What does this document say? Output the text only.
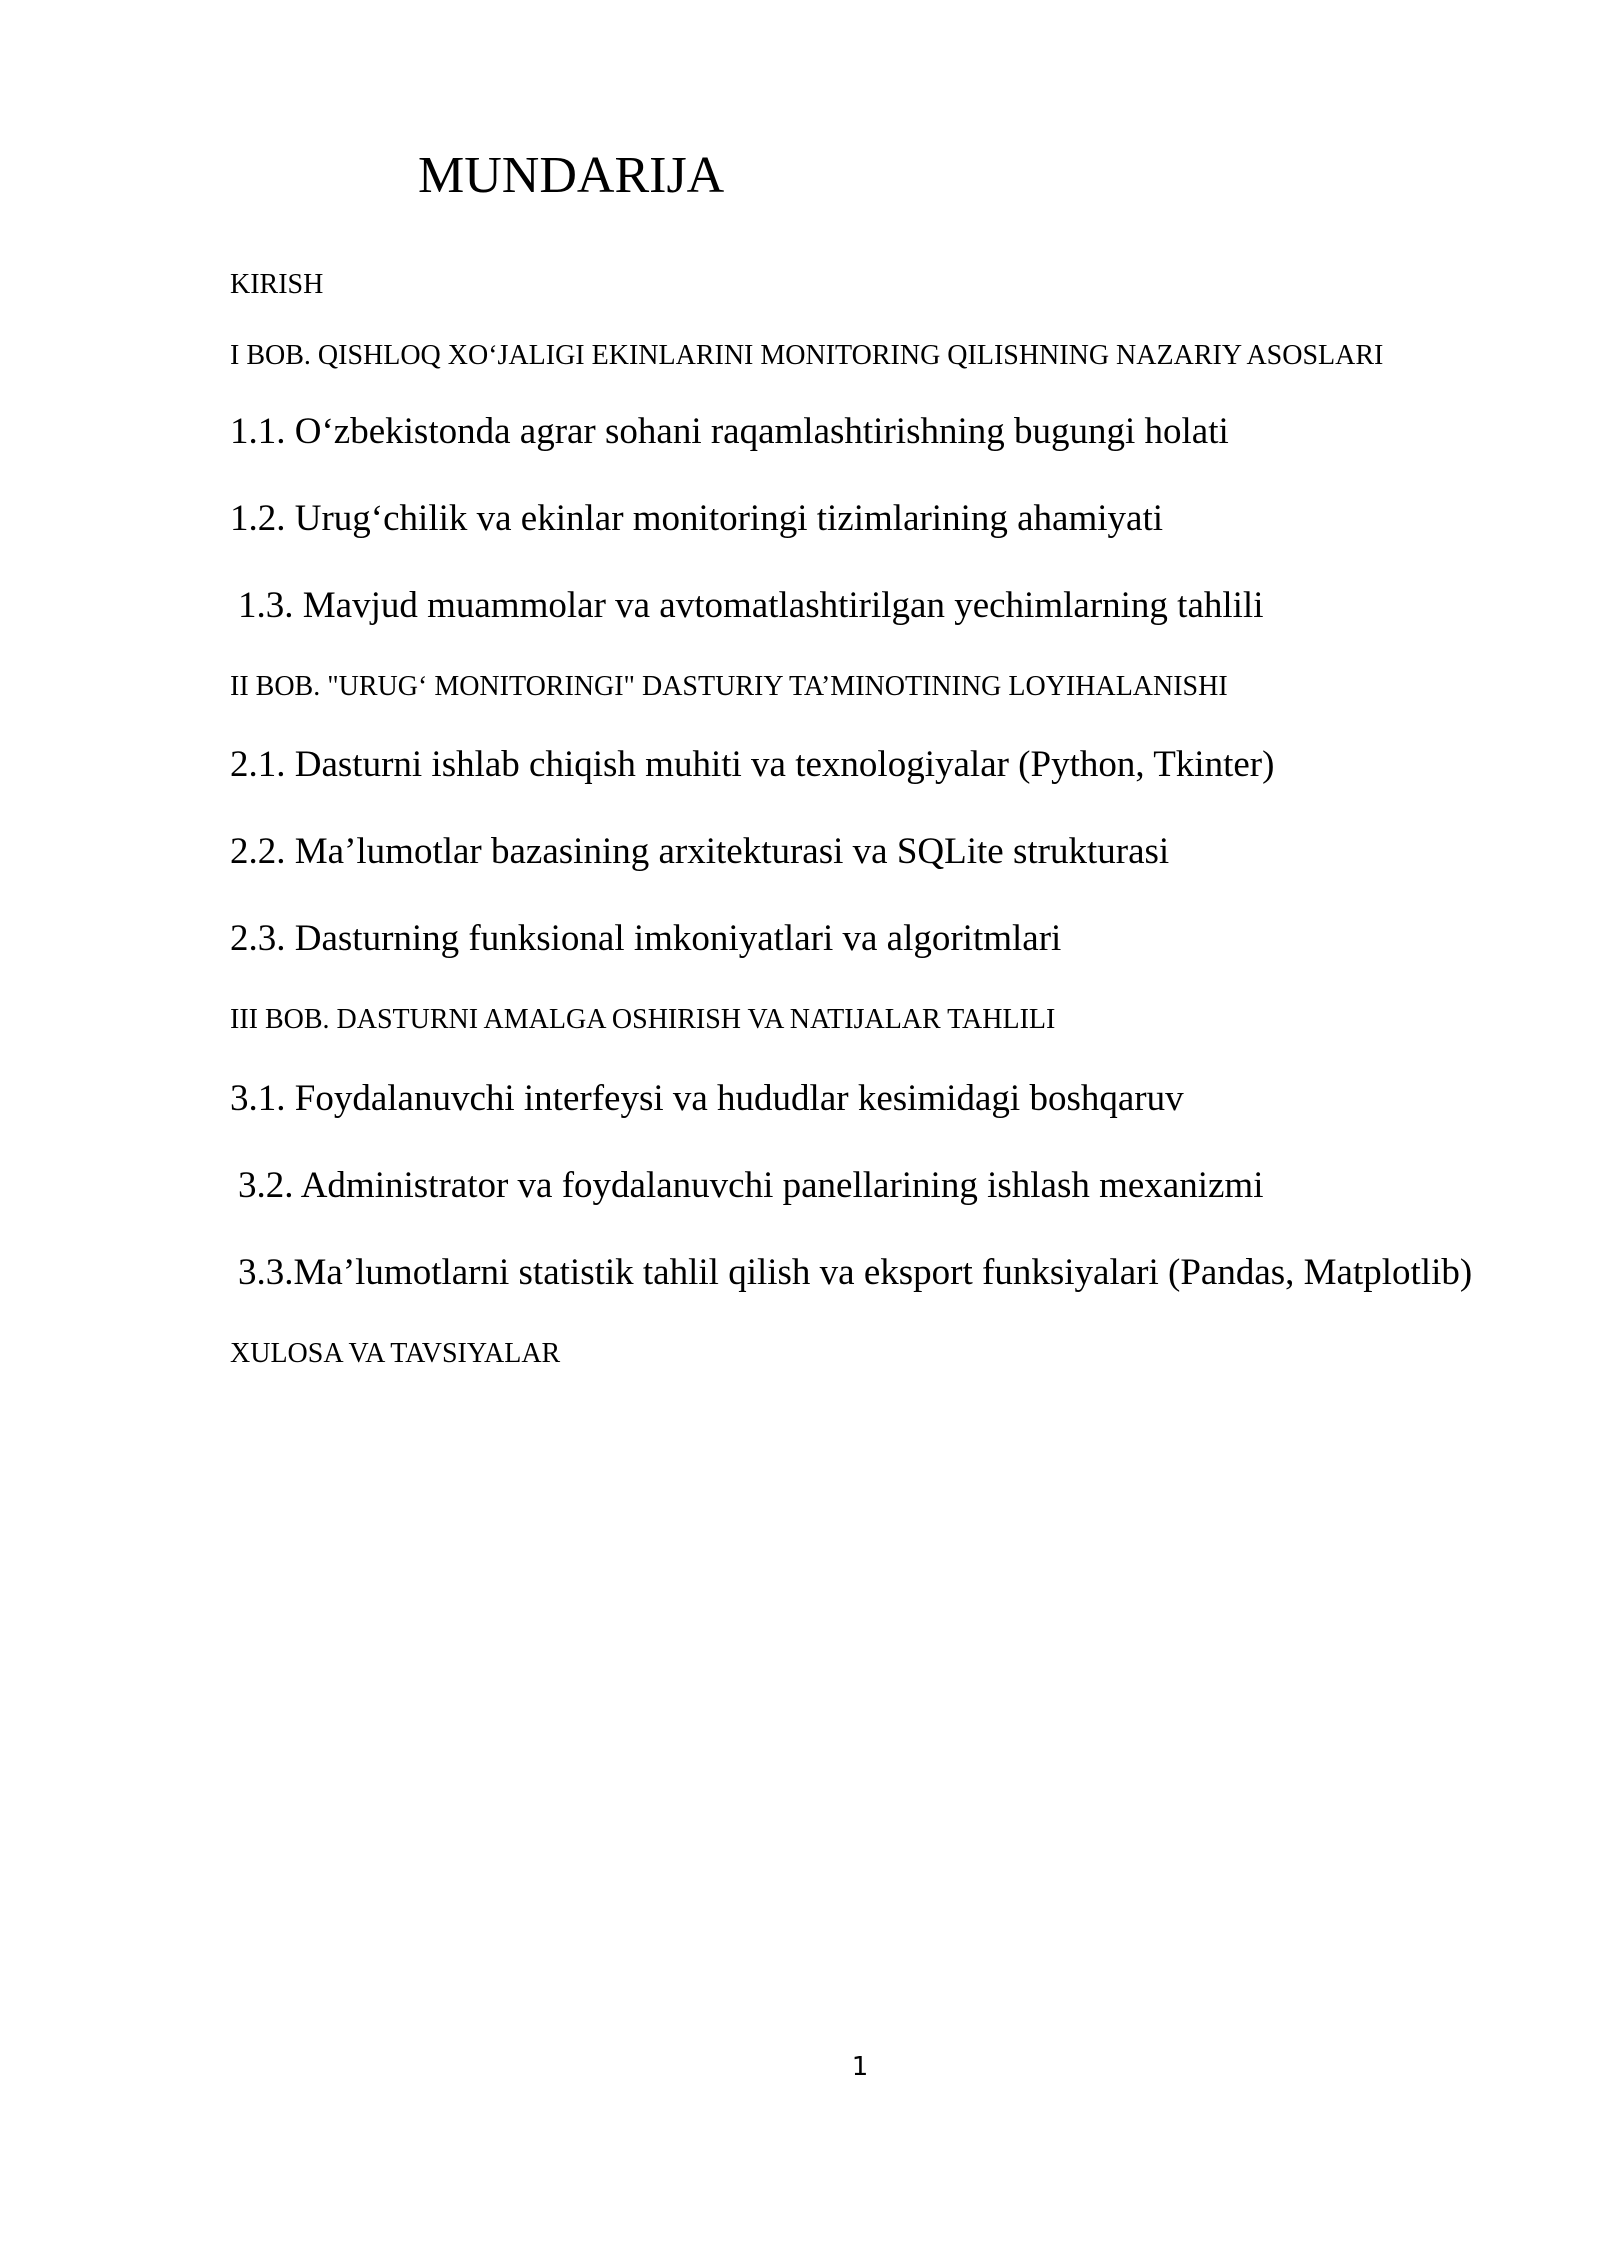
MUNDARIJA
KIRISH
I BOB. QISHLOQ XO‘JALIGI EKINLARINI MONITORING QILISHNING NAZARIY ASOSLARI
1.1. O‘zbekistonda agrar sohani raqamlashtirishning bugungi holati
1.2. Urug‘chilik va ekinlar monitoringi tizimlarining ahamiyati
1.3. Mavjud muammolar va avtomatlashtirilgan yechimlarning tahlili
II BOB. "URUG‘ MONITORINGI" DASTURIY TA’MINOTINING LOYIHALANISHI
2.1. Dasturni ishlab chiqish muhiti va texnologiyalar (Python, Tkinter)
2.2. Ma’lumotlar bazasining arxitekturasi va SQLite strukturasi
2.3. Dasturning funksional imkoniyatlari va algoritmlari
III BOB. DASTURNI AMALGA OSHIRISH VA NATIJALAR TAHLILI
3.1. Foydalanuvchi interfeysi va hududlar kesimidagi boshqaruv
3.2. Administrator va foydalanuvchi panellarining ishlash mexanizmi
3.3.Ma’lumotlarni statistik tahlil qilish va eksport funksiyalari (Pandas, Matplotlib)
XULOSA VA TAVSIYALAR
1
